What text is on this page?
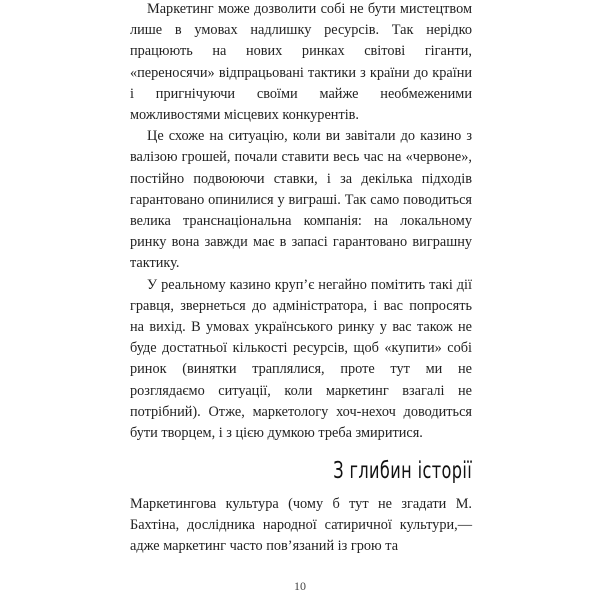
Маркетинг може дозволити собі не бути мистецтвом лише в умовах надлишку ресурсів. Так нерідко працюють на нових ринках світові гіганти, «переносячи» відпрацьовані тактики з країни до країни і пригнічуючи своїми майже необмеженими можливостями місцевих конкурентів.

Це схоже на ситуацію, коли ви завітали до казино з валізою грошей, почали ставити весь час на «червоне», постійно подвоюючи ставки, і за декілька підходів гарантовано опинилися у виграші. Так само поводиться велика транснаціональна компанія: на локальному ринку вона завжди має в запасі гарантовано виграшну тактику.

У реальному казино круп’є негайно помітить такі дії гравця, звернеться до адміністратора, і вас попросять на вихід. В умовах українського ринку у вас також не буде достатньої кількості ресурсів, щоб «купити» собі ринок (винятки траплялися, проте тут ми не розглядаємо ситуації, коли маркетинг взагалі не потрібний). Отже, маркетологу хоч-нехоч доводиться бути творцем, і з цією думкою треба змиритися.

З глибин історії

Маркетингова культура (чому б тут не згадати М. Бахтіна, дослідника народної сатиричної культури,— адже маркетинг часто пов’язаний із грою та

10
